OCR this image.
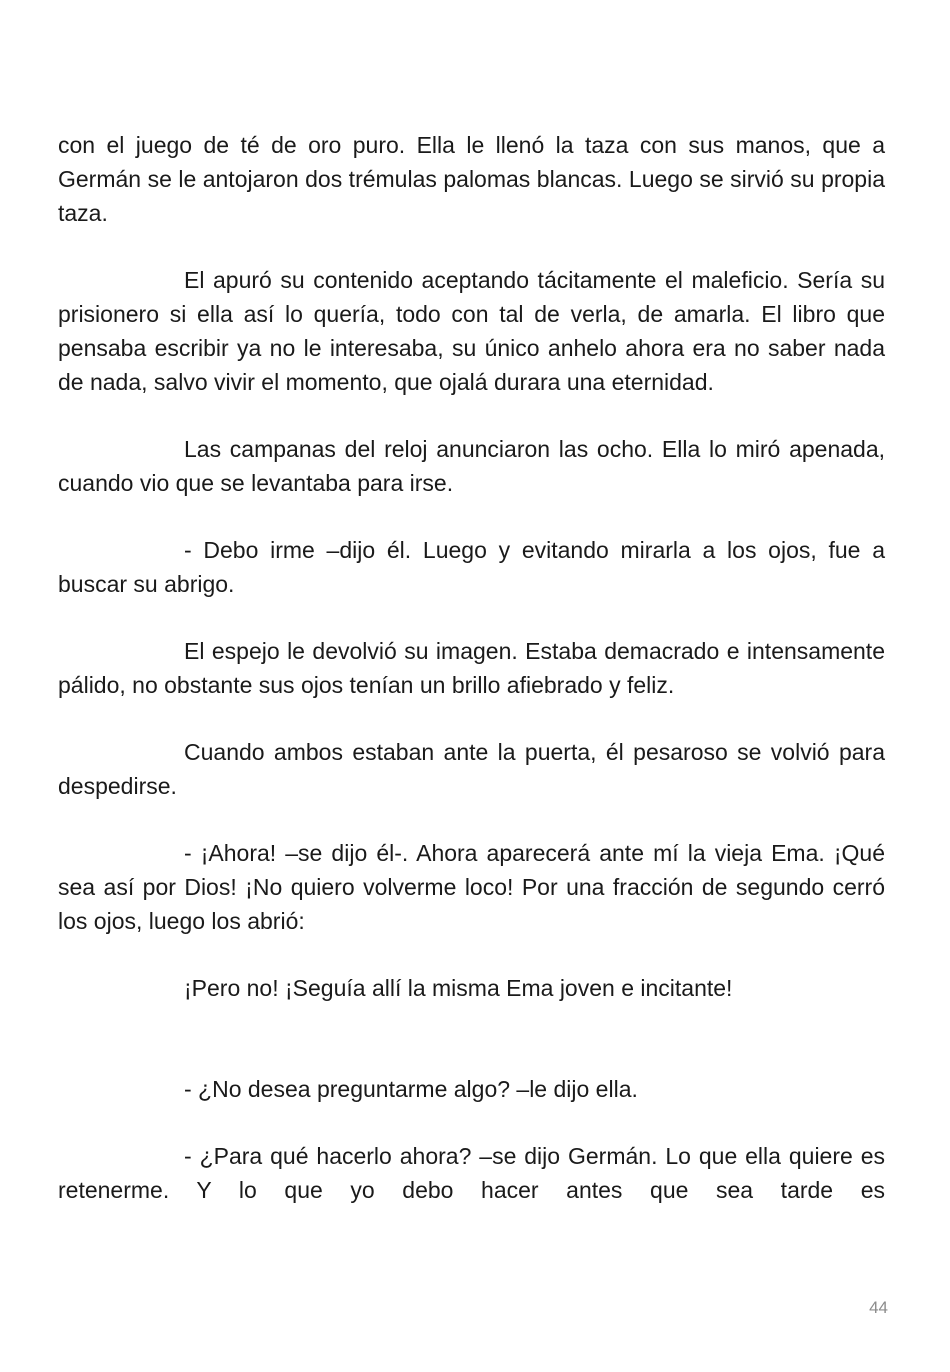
con el juego de té de oro puro. Ella le llenó la taza con sus manos, que a Germán se le antojaron dos trémulas palomas blancas. Luego se sirvió su propia taza.

El apuró su contenido aceptando tácitamente el maleficio. Sería su prisionero si ella así lo quería, todo con tal de verla, de amarla. El libro que pensaba escribir ya no le interesaba, su único anhelo ahora era no saber nada de nada, salvo vivir el momento, que ojalá durara una eternidad.

Las campanas del reloj anunciaron las ocho. Ella lo miró apenada, cuando vio que se levantaba para irse.

- Debo irme –dijo él. Luego y evitando mirarla a los ojos, fue a buscar su abrigo.

El espejo le devolvió su imagen. Estaba demacrado e intensamente pálido, no obstante sus ojos tenían un brillo afiebrado y feliz.

Cuando ambos estaban ante la puerta, él pesaroso se volvió para despedirse.

- ¡Ahora! –se dijo él-. Ahora aparecerá ante mí la vieja Ema. ¡Qué sea así por Dios! ¡No quiero volverme loco! Por una fracción de segundo cerró los ojos, luego los abrió:

¡Pero no! ¡Seguía allí la misma Ema joven e incitante!

- ¿No desea preguntarme algo? –le dijo ella.

- ¿Para qué hacerlo ahora? –se dijo Germán. Lo que ella quiere es retenerme. Y lo que yo debo hacer antes que sea tarde es

44
